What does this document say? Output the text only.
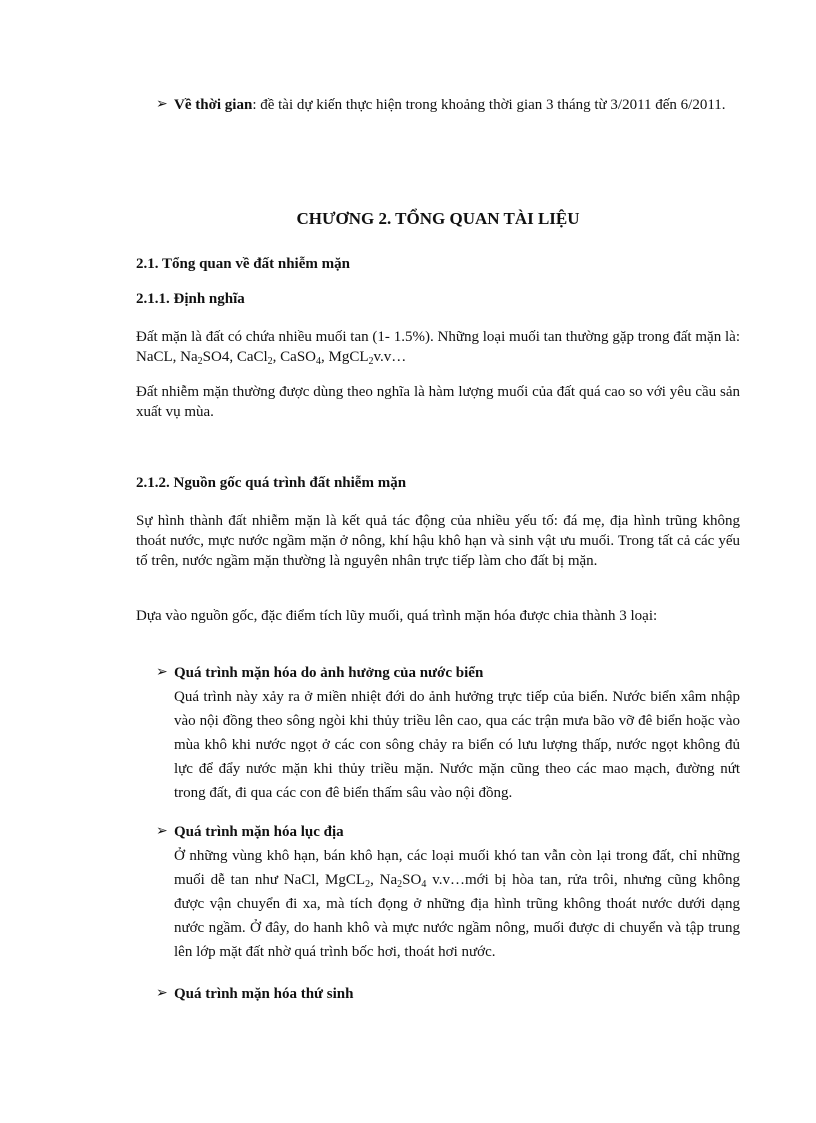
➢ Về thời gian: đề tài dự kiến thực hiện trong khoảng thời gian 3 tháng từ 3/2011 đến 6/2011.

CHƯƠNG 2. TỔNG QUAN TÀI LIỆU
2.1. Tổng quan về đất nhiễm mặn
2.1.1. Định nghĩa

Đất mặn là đất có chứa nhiều muối tan (1- 1.5%). Những loại muối tan thường gặp trong đất mặn là: NaCL, $Na_2SO4$, CaCl$_2$, CaSO$_4$, MgCL$_2$v.v…

Đất nhiễm mặn thường được dùng theo nghĩa là hàm lượng muối của đất quá cao so với yêu cầu sản xuất vụ mùa.

2.1.2. Nguồn gốc quá trình đất nhiễm mặn

Sự hình thành đất nhiễm mặn là kết quả tác động của nhiều yếu tố: đá mẹ, địa hình trũng không thoát nước, mực nước ngầm mặn ở nông, khí hậu khô hạn và sinh vật ưu muối. Trong tất cả các yếu tố trên, nước ngầm mặn thường là nguyên nhân trực tiếp làm cho đất bị mặn.

Dựa vào nguồn gốc, đặc điểm tích lũy muối, quá trình mặn hóa được chia thành 3 loại:

➢ Quá trình mặn hóa do ảnh hưởng của nước biển

Quá trình này xảy ra ở miền nhiệt đới do ảnh hưởng trực tiếp của biển. Nước biển xâm nhập vào nội đồng theo sông ngòi khi thủy triều lên cao, qua các trận mưa bão vỡ đê biển hoặc vào mùa khô khi nước ngọt ở các con sông chảy ra biển có lưu lượng thấp, nước ngọt không đủ lực để đẩy nước mặn khi thủy triều mặn. Nước mặn cũng theo các mao mạch, đường nứt trong đất, đi qua các con đê biển thấm sâu vào nội đồng.

➢ Quá trình mặn hóa lục địa

Ở những vùng khô hạn, bán khô hạn, các loại muối khó tan vẫn còn lại trong đất, chỉ những muối dễ tan như NaCl, MgCL$_2$, $Na_2SO_4$ v.v…mới bị hòa tan, rửa trôi, nhưng cũng không được vận chuyển đi xa, mà tích đọng ở những địa hình trũng không thoát nước dưới dạng nước ngầm. Ở đây, do hanh khô và mực nước ngầm nông, muối được di chuyển và tập trung lên lớp mặt đất nhờ quá trình bốc hơi, thoát hơi nước.

➢ Quá trình mặn hóa thứ sinh
